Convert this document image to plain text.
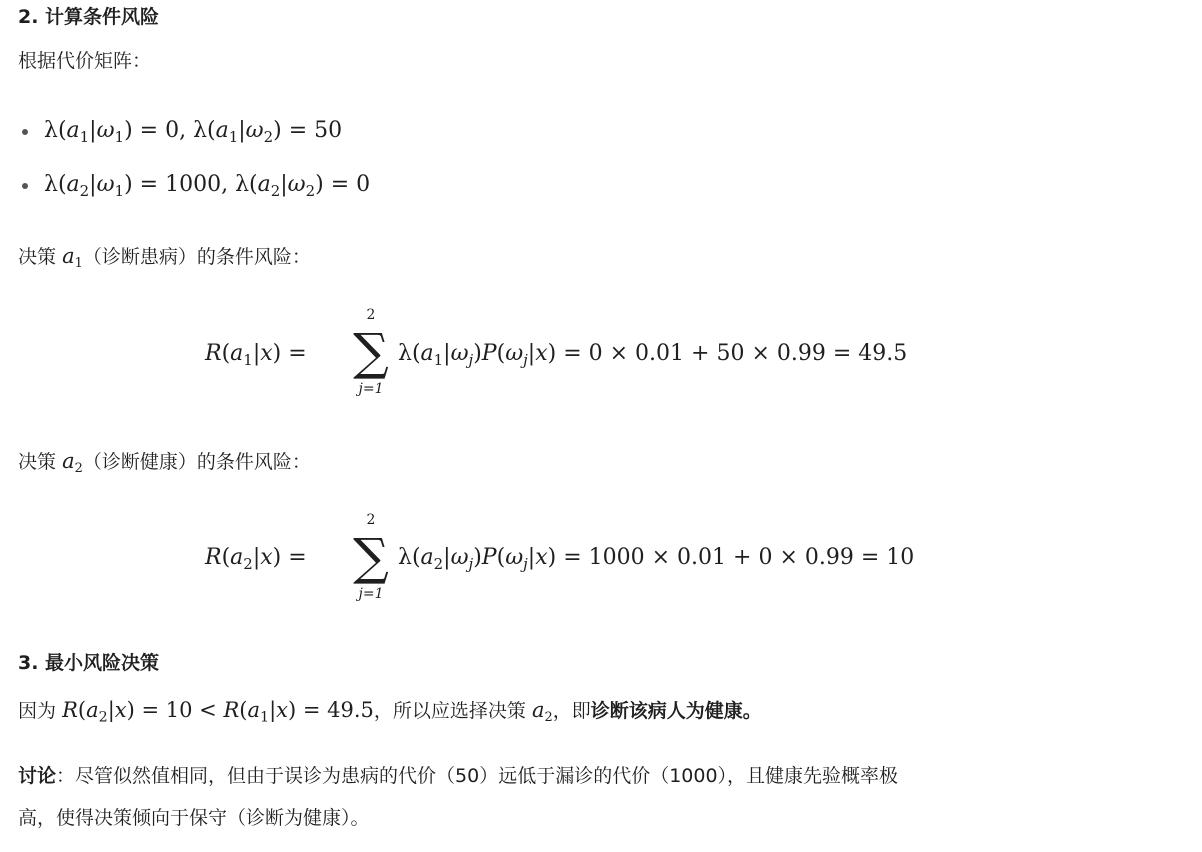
2. 计算条件风险
根据代价矩阵：
$\lambda(a_1|\omega_1) = 0$, $\lambda(a_1|\omega_2) = 50$
$\lambda(a_2|\omega_1) = 1000$, $\lambda(a_2|\omega_2) = 0$
决策 $a_1$（诊断患病）的条件风险：
2
∑
j=1
$R(a_1|x)$ =	$\lambda(a_1|\omega_j)P(\omega_j|x) = 0 \times 0.01 + 50 \times 0.99 = 49.5$
决策 $a_2$（诊断健康）的条件风险：
2
∑
j=1
$R(a_2|x)$ =	$\lambda(a_2|\omega_j)P(\omega_j|x) = 1000 \times 0.01 + 0 \times 0.99 = 10$
3. 最小风险决策
因为 $R(a_2|x) = 10 < R(a_1|x) = 49.5$，所以应选择决策 $a_2$，即诊断该病人为健康。
讨论：尽管似然值相同，但由于误诊为患病的代价（50）远低于漏诊的代价（1000），且健康先验概率极
高，使得决策倾向于保守（诊断为健康）。
